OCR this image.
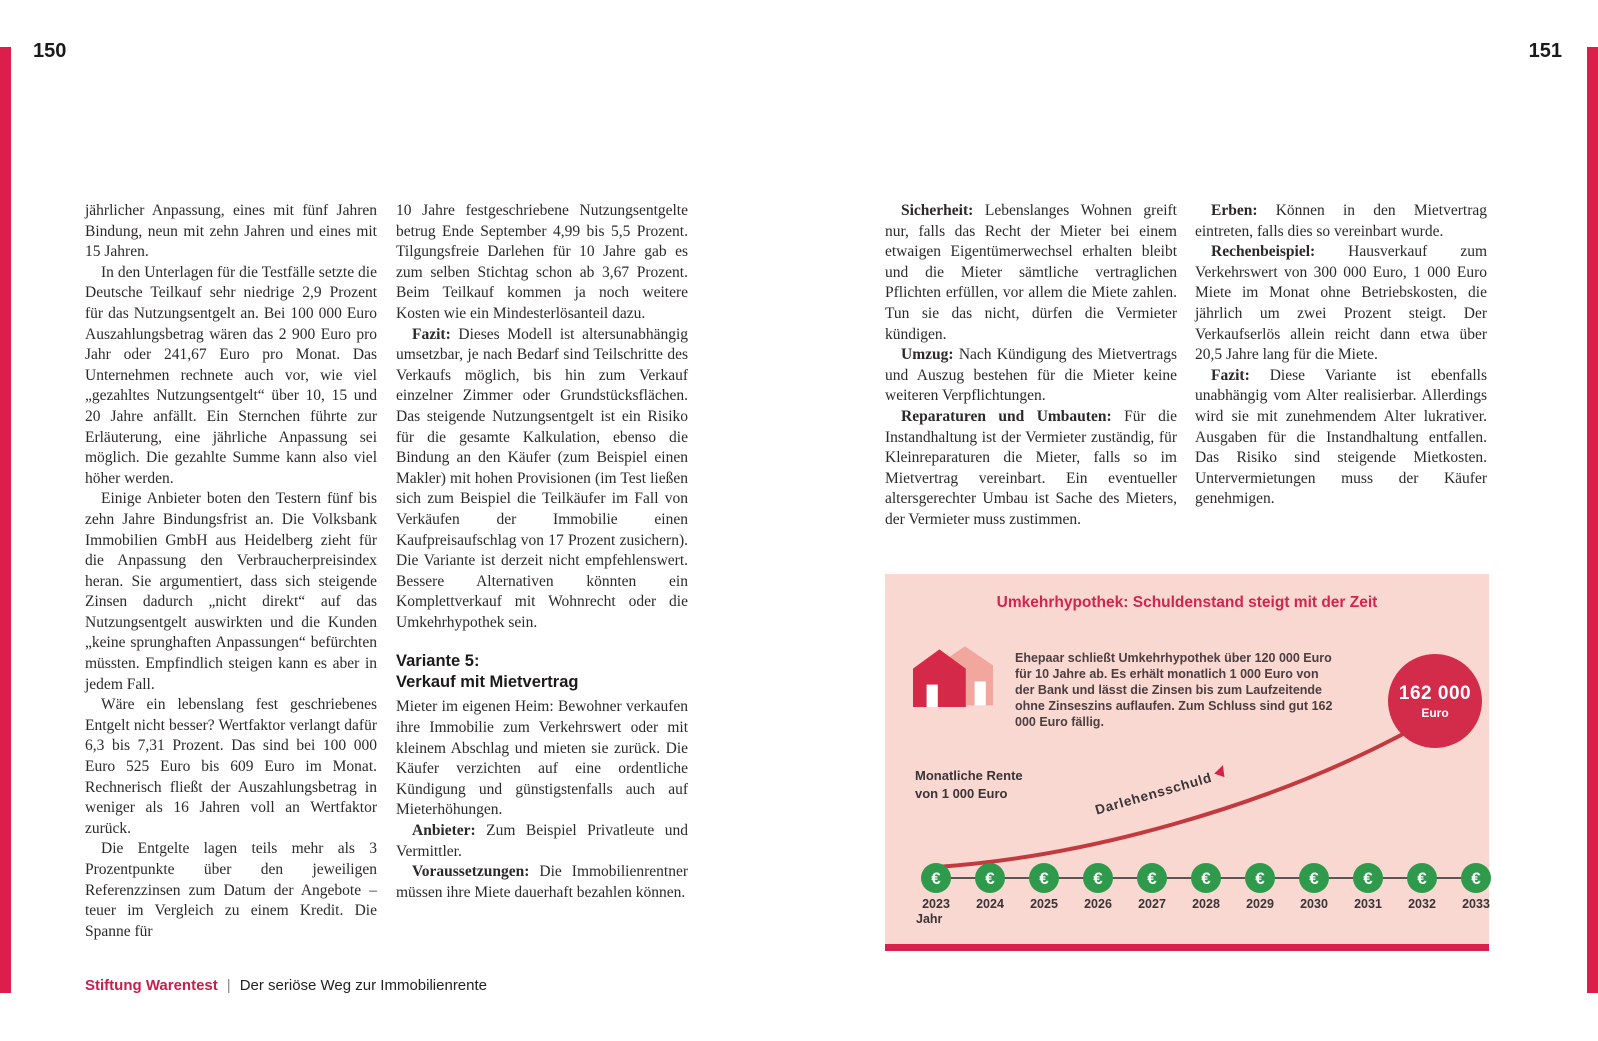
150	151

jährlicher Anpassung, eines mit fünf Jahren Bindung, neun mit zehn Jahren und eines mit 15 Jahren.

In den Unterlagen für die Testfälle setzte die Deutsche Teilkauf sehr niedrige 2,9 Prozent für das Nutzungsentgelt an. Bei 100 000 Euro Auszahlungsbetrag wären das 2 900 Euro pro Jahr oder 241,67 Euro pro Monat. Das Unternehmen rechnete auch vor, wie viel „gezahltes Nutzungsentgelt“ über 10, 15 und 20 Jahre anfällt. Ein Sternchen führte zur Erläuterung, eine jährliche Anpassung sei möglich. Die gezahlte Summe kann also viel höher werden.

Einige Anbieter boten den Testern fünf bis zehn Jahre Bindungsfrist an. Die Volksbank Immobilien GmbH aus Heidelberg zieht für die Anpassung den Verbraucherpreisindex heran. Sie argumentiert, dass sich steigende Zinsen dadurch „nicht direkt“ auf das Nutzungsentgelt auswirkten und die Kunden „keine sprunghaften Anpassungen“ befürchten müssten. Empfindlich steigen kann es aber in jedem Fall.

Wäre ein lebenslang fest geschriebenes Entgelt nicht besser? Wertfaktor verlangt dafür 6,3 bis 7,31 Prozent. Das sind bei 100 000 Euro 525 Euro bis 609 Euro im Monat. Rechnerisch fließt der Auszahlungsbetrag in weniger als 16 Jahren voll an Wertfaktor zurück.

Die Entgelte lagen teils mehr als 3 Prozentpunkte über den jeweiligen Referenzzinsen zum Datum der Angebote – teuer im Vergleich zu einem Kredit. Die Spanne für

10 Jahre festgeschriebene Nutzungsentgelte betrug Ende September 4,99 bis 5,5 Prozent. Tilgungsfreie Darlehen für 10 Jahre gab es zum selben Stichtag schon ab 3,67 Prozent. Beim Teilkauf kommen ja noch weitere Kosten wie ein Mindesterlösanteil dazu.

Fazit: Dieses Modell ist altersunabhängig umsetzbar, je nach Bedarf sind Teilschritte des Verkaufs möglich, bis hin zum Verkauf einzelner Zimmer oder Grundstücksflächen. Das steigende Nutzungsentgelt ist ein Risiko für die gesamte Kalkulation, ebenso die Bindung an den Käufer (zum Beispiel einen Makler) mit hohen Provisionen (im Test ließen sich zum Beispiel die Teilkäufer im Fall von Verkäufen der Immobilie einen Kaufpreisaufschlag von 17 Prozent zusichern). Die Variante ist derzeit nicht empfehlenswert. Bessere Alternativen könnten ein Komplettverkauf mit Wohnrecht oder die Umkehrhypothek sein.

Variante 5:
Verkauf mit Mietvertrag

Mieter im eigenen Heim: Bewohner verkaufen ihre Immobilie zum Verkehrswert oder mit kleinem Abschlag und mieten sie zurück. Die Käufer verzichten auf eine ordentliche Kündigung und günstigstenfalls auch auf Mieterhöhungen.

Anbieter: Zum Beispiel Privatleute und Vermittler.

Voraussetzungen: Die Immobilienrentner müssen ihre Miete dauerhaft bezahlen können.

Sicherheit: Lebenslanges Wohnen greift nur, falls das Recht der Mieter bei einem etwaigen Eigentümerwechsel erhalten bleibt und die Mieter sämtliche vertraglichen Pflichten erfüllen, vor allem die Miete zahlen. Tun sie das nicht, dürfen die Vermieter kündigen.

Umzug: Nach Kündigung des Mietvertrags und Auszug bestehen für die Mieter keine weiteren Verpflichtungen.

Reparaturen und Umbauten: Für die Instandhaltung ist der Vermieter zuständig, für Kleinreparaturen die Mieter, falls so im Mietvertrag vereinbart. Ein eventueller altersgerechter Umbau ist Sache des Mieters, der Vermieter muss zustimmen.

Erben: Können in den Mietvertrag eintreten, falls dies so vereinbart wurde.

Rechenbeispiel: Hausverkauf zum Verkehrswert von 300 000 Euro, 1 000 Euro Miete im Monat ohne Betriebskosten, die jährlich um zwei Prozent steigt. Der Verkaufserlös allein reicht dann etwa über 20,5 Jahre lang für die Miete.

Fazit: Diese Variante ist ebenfalls unabhängig vom Alter realisierbar. Allerdings wird sie mit zunehmendem Alter lukrativer. Ausgaben für die Instandhaltung entfallen. Das Risiko sind steigende Mietkosten. Untervermietungen muss der Käufer genehmigen.

Umkehrhypothek: Schuldenstand steigt mit der Zeit
Ehepaar schließt Umkehrhypothek über 120 000 Euro für 10 Jahre ab. Es erhält monatlich 1 000 Euro von der Bank und lässt die Zinsen bis zum Laufzeitende ohne Zinseszins auflaufen. Zum Schluss sind gut 162 000 Euro fällig.
162 000
Euro
Monatliche Rente
von 1 000 Euro	Darlehensschuld▶
€
2023
€
2024
€
2025
€
2026
€
2027
€
2028
€
2029
€
2030
€
2031
€
2032
€
2033
Jahr
Stiftung Warentest | Der seriöse Weg zur Immobilienrente
